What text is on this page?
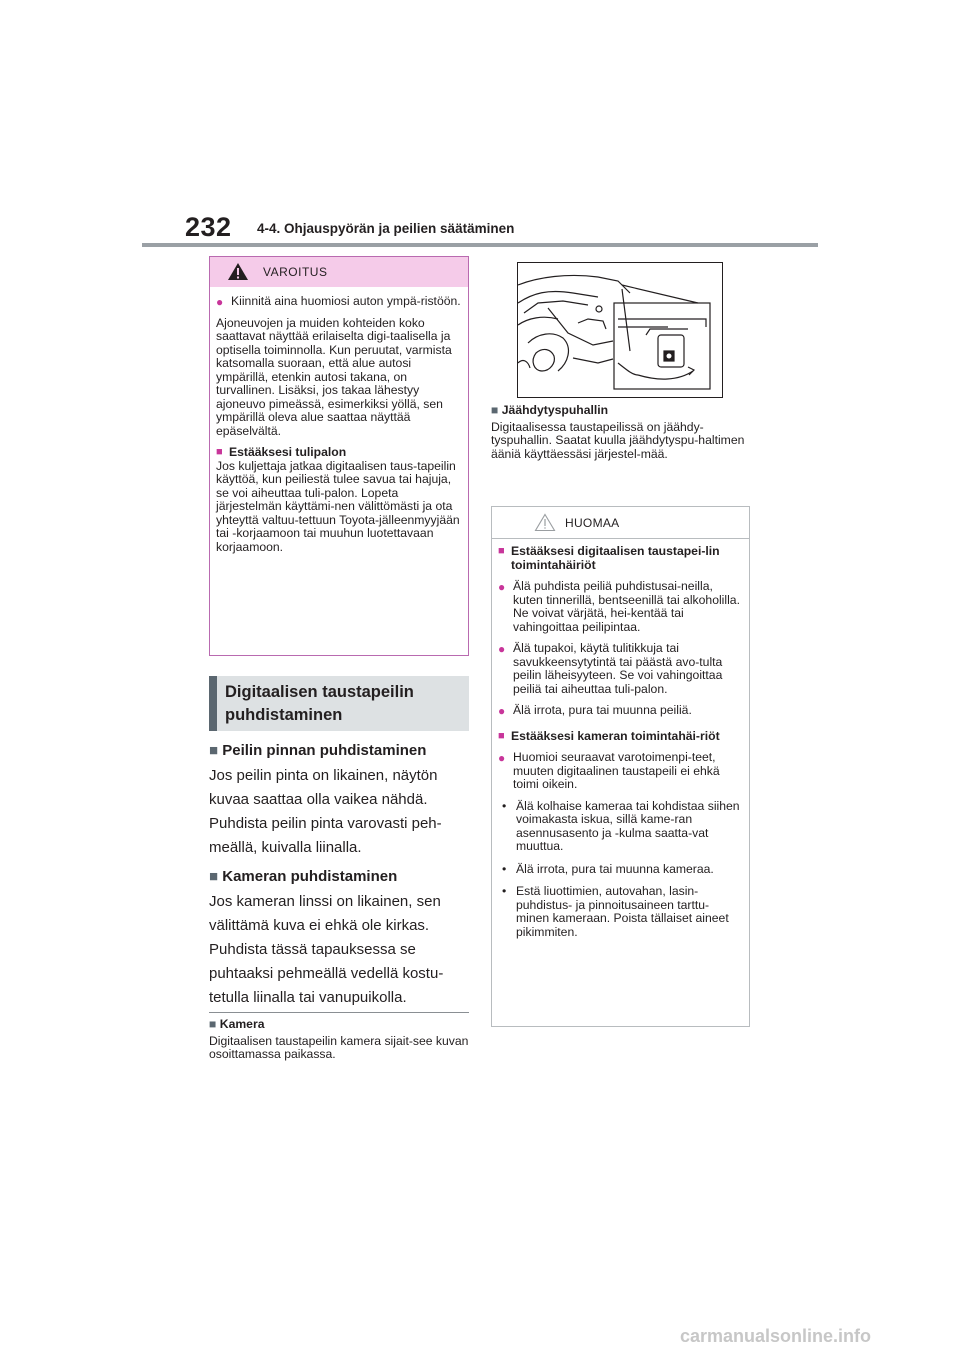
232 4-4. Ohjauspyörän ja peilien säätäminen
VAROITUS
● Kiinnitä aina huomiosi auton ympä-ristöön.

Ajoneuvojen ja muiden kohteiden koko saattavat näyttää erilaiselta digi-taalisella ja optisella toiminnolla. Kun peruutat, varmista katsomalla suoraan, että alue autosi ympärillä, etenkin autosi takana, on turvallinen. Lisäksi, jos takaa lähestyy ajoneuvo pimeässä, esimerkiksi yöllä, sen ympärillä oleva alue saattaa näyttää epäselvältä.

■ Estääksesi tulipalon

Jos kuljettaja jatkaa digitaalisen taus-tapeilin käyttöä, kun peiliestä tulee savua tai hajuja, se voi aiheuttaa tuli-palon. Lopeta järjestelmän käyttämi-nen välittömästi ja ota yhteyttä valtuu-tettuun Toyota-jälleenmyyjään tai -korjaamoon tai muuhun luotettavaan korjaamoon.

Digitaalisen taustapeilin puhdistaminen
■ Peilin pinnan puhdistaminen

Jos peilin pinta on likainen, näytön kuvaa saattaa olla vaikea nähdä. Puhdista peilin pinta varovasti peh-meällä, kuivalla liinalla.

■ Kameran puhdistaminen

Jos kameran linssi on likainen, sen välittämä kuva ei ehkä ole kirkas. Puhdista tässä tapauksessa se puhtaaksi pehmeällä vedellä kostu-tetulla liinalla tai vanupuikolla.

■ Kamera

Digitaalisen taustapeilin kamera sijait-see kuvan osoittamassa paikassa.

■ Jäähdytyspuhallin

Digitaalisessa taustapeilissä on jäähdy-tyspuhallin. Saatat kuulla jäähdytyspu-haltimen ääniä käyttäessäsi järjestel-mää.

HUOMAA
■ Estääksesi digitaalisen taustapei-lin toimintahäiriöt
● Älä puhdista peiliä puhdistusai-neilla, kuten tinnerillä, bentseenillä tai alkoholilla. Ne voivat värjätä, hei-kentää tai vahingoittaa peilipintaa.
● Älä tupakoi, käytä tulitikkuja tai savukkeensytytintä tai päästä avo-tulta peilin läheisyyteen. Se voi vahingoittaa peiliä tai aiheuttaa tuli-palon.
● Älä irrota, pura tai muunna peiliä.
■ Estääksesi kameran toimintahäi-riöt
● Huomioi seuraavat varotoimenpi-teet, muuten digitaalinen taustapeili ei ehkä toimi oikein.
• Älä kolhaise kameraa tai kohdistaa siihen voimakasta iskua, sillä kame-ran asennusasento ja -kulma saatta-vat muuttua.
• Älä irrota, pura tai muunna kameraa.
• Estä liuottimien, autovahan, lasin-puhdistus- ja pinnoitusaineen tarttu-minen kameraan. Poista tällaiset aineet pikimmiten.
carmanualsonline.info
